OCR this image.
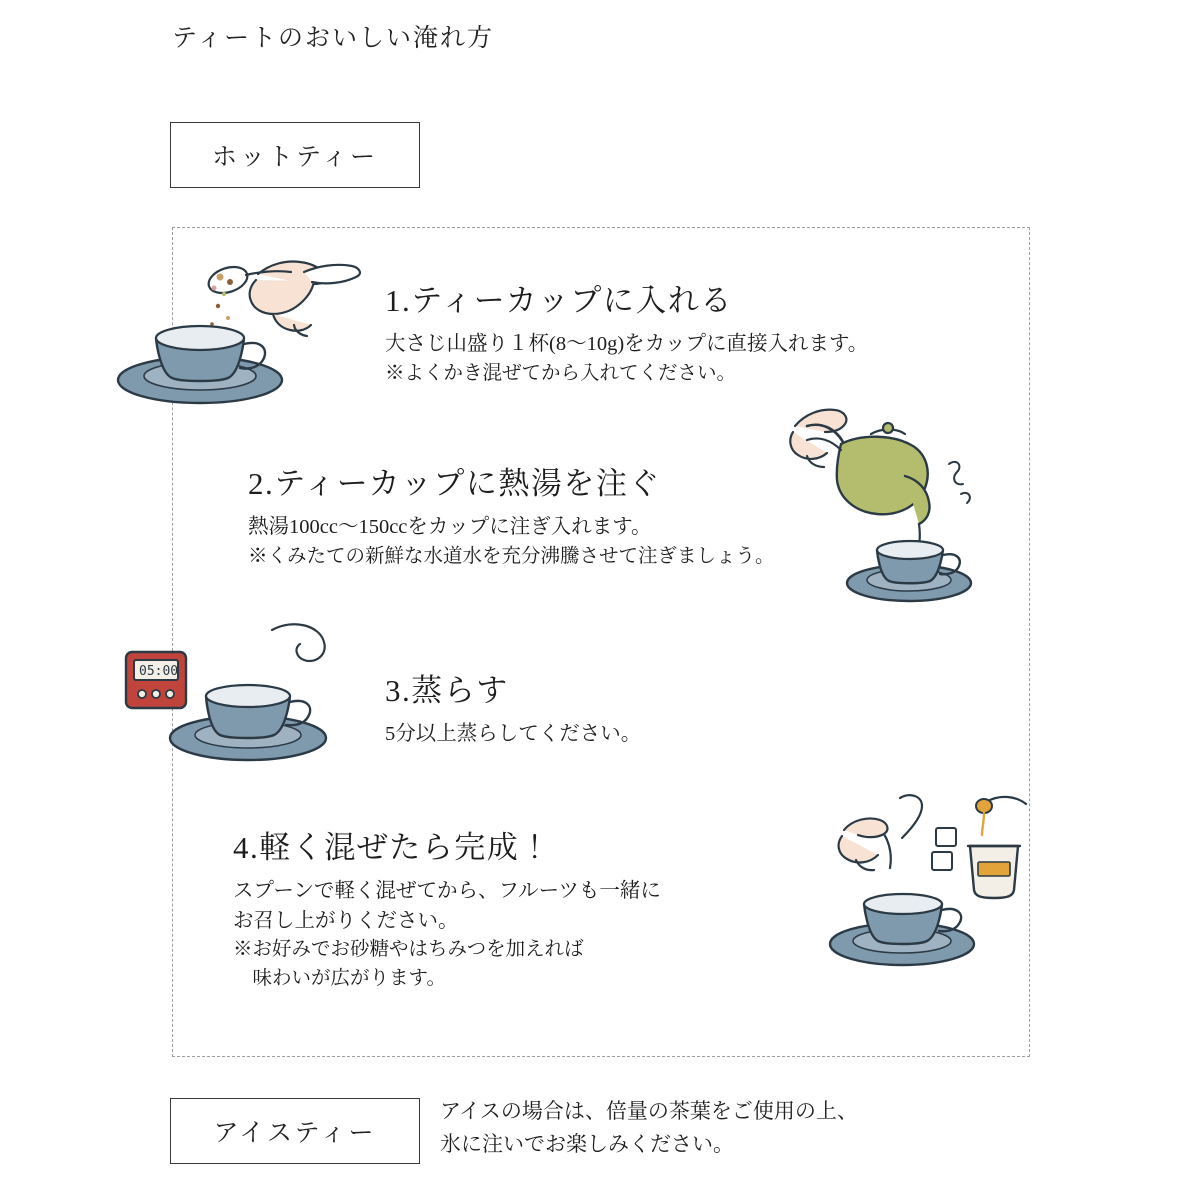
ティートのおいしい淹れ方
ホットティー
05:00
1.ティーカップに入れる
大さじ山盛り１杯(8〜10g)をカップに直接入れます。
※よくかき混ぜてから入れてください。
2.ティーカップに熱湯を注ぐ
熱湯100cc〜150ccをカップに注ぎ入れます。
※くみたての新鮮な水道水を充分沸騰させて注ぎましょう。
3.蒸らす
5分以上蒸らしてください。
4.軽く混ぜたら完成！
スプーンで軽く混ぜてから、フルーツも一緒に
お召し上がりください。
※お好みでお砂糖やはちみつを加えれば
　味わいが広がります。
アイスティー
アイスの場合は、倍量の茶葉をご使用の上、
氷に注いでお楽しみください。
